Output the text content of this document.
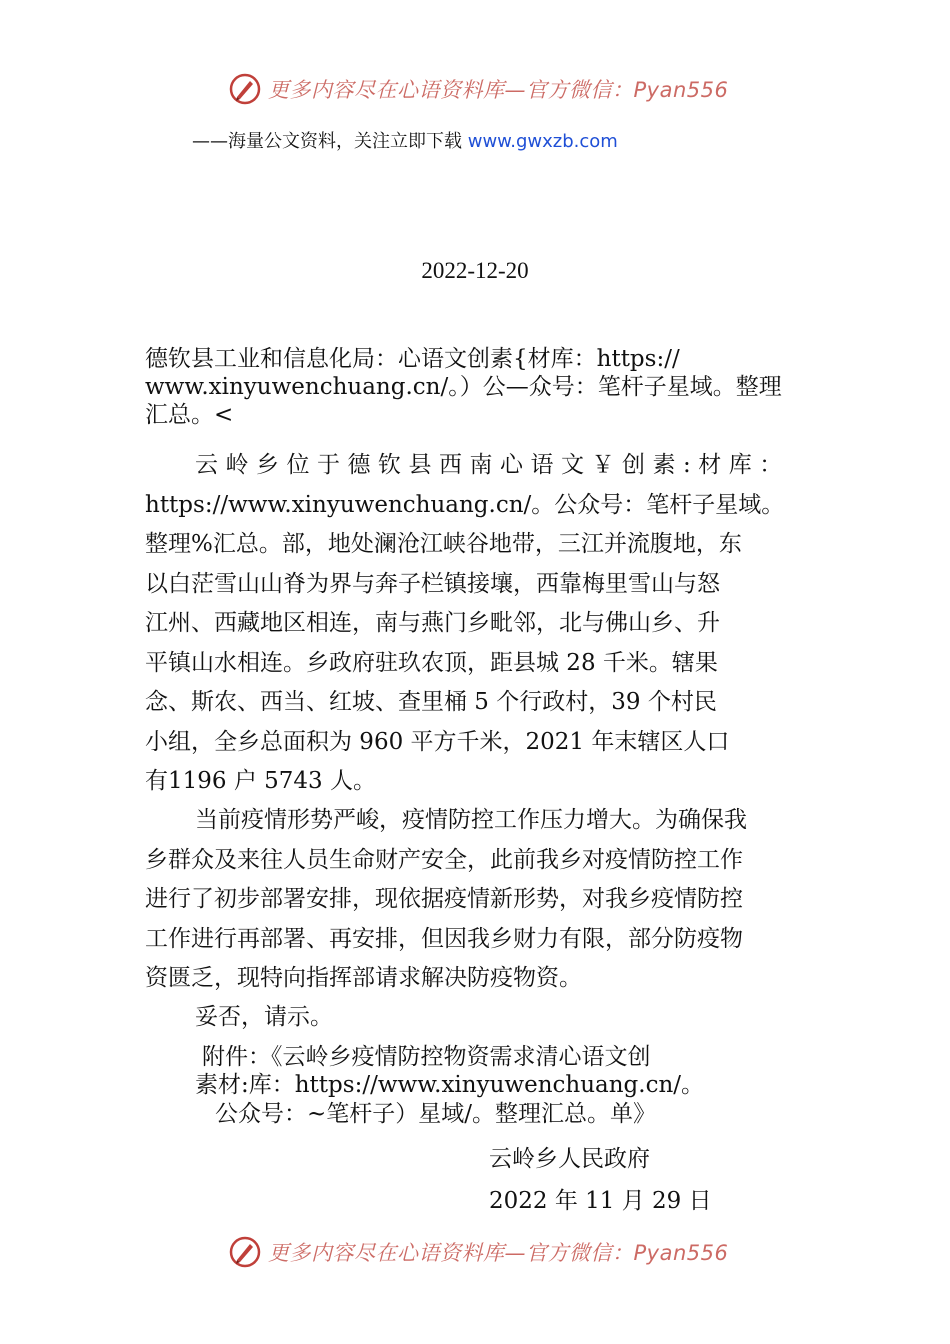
更多内容尽在心语资料库—官方微信：Pyan556
——海量公文资料，关注立即下载 www.gwxzb.com
2022-12-20
德钦县工业和信息化局：心语文创素{材库：https://
www.xinyuwenchuang.cn/。）公—众号：笔杆子星域。整理
汇总。<
云岭乡位于德钦县西南心语文￥创素:材库：
https://www.xinyuwenchuang.cn/。公众号：笔杆子星域。
整理%汇总。部，地处澜沧江峡谷地带，三江并流腹地，东
以白茫雪山山脊为界与奔子栏镇接壤，西靠梅里雪山与怒
江州、西藏地区相连，南与燕门乡毗邻，北与佛山乡、升
平镇山水相连。乡政府驻玖农顶，距县城 28 千米。辖果
念、斯农、西当、红坡、查里桶 5 个行政村，39 个村民
小组，全乡总面积为 960 平方千米，2021 年末辖区人口
有1196 户 5743 人。
当前疫情形势严峻，疫情防控工作压力增大。为确保我
乡群众及来往人员生命财产安全，此前我乡对疫情防控工作
进行了初步部署安排，现依据疫情新形势，对我乡疫情防控
工作进行再部署、再安排，但因我乡财力有限，部分防疫物
资匮乏，现特向指挥部请求解决防疫物资。
妥否，请示。
附件：《云岭乡疫情防控物资需求清心语文创
素材:库：https://www.xinyuwenchuang.cn/。
公众号：~笔杆子）星域/。整理汇总。单》
云岭乡人民政府
2022 年 11 月 29 日
更多内容尽在心语资料库—官方微信：Pyan556
